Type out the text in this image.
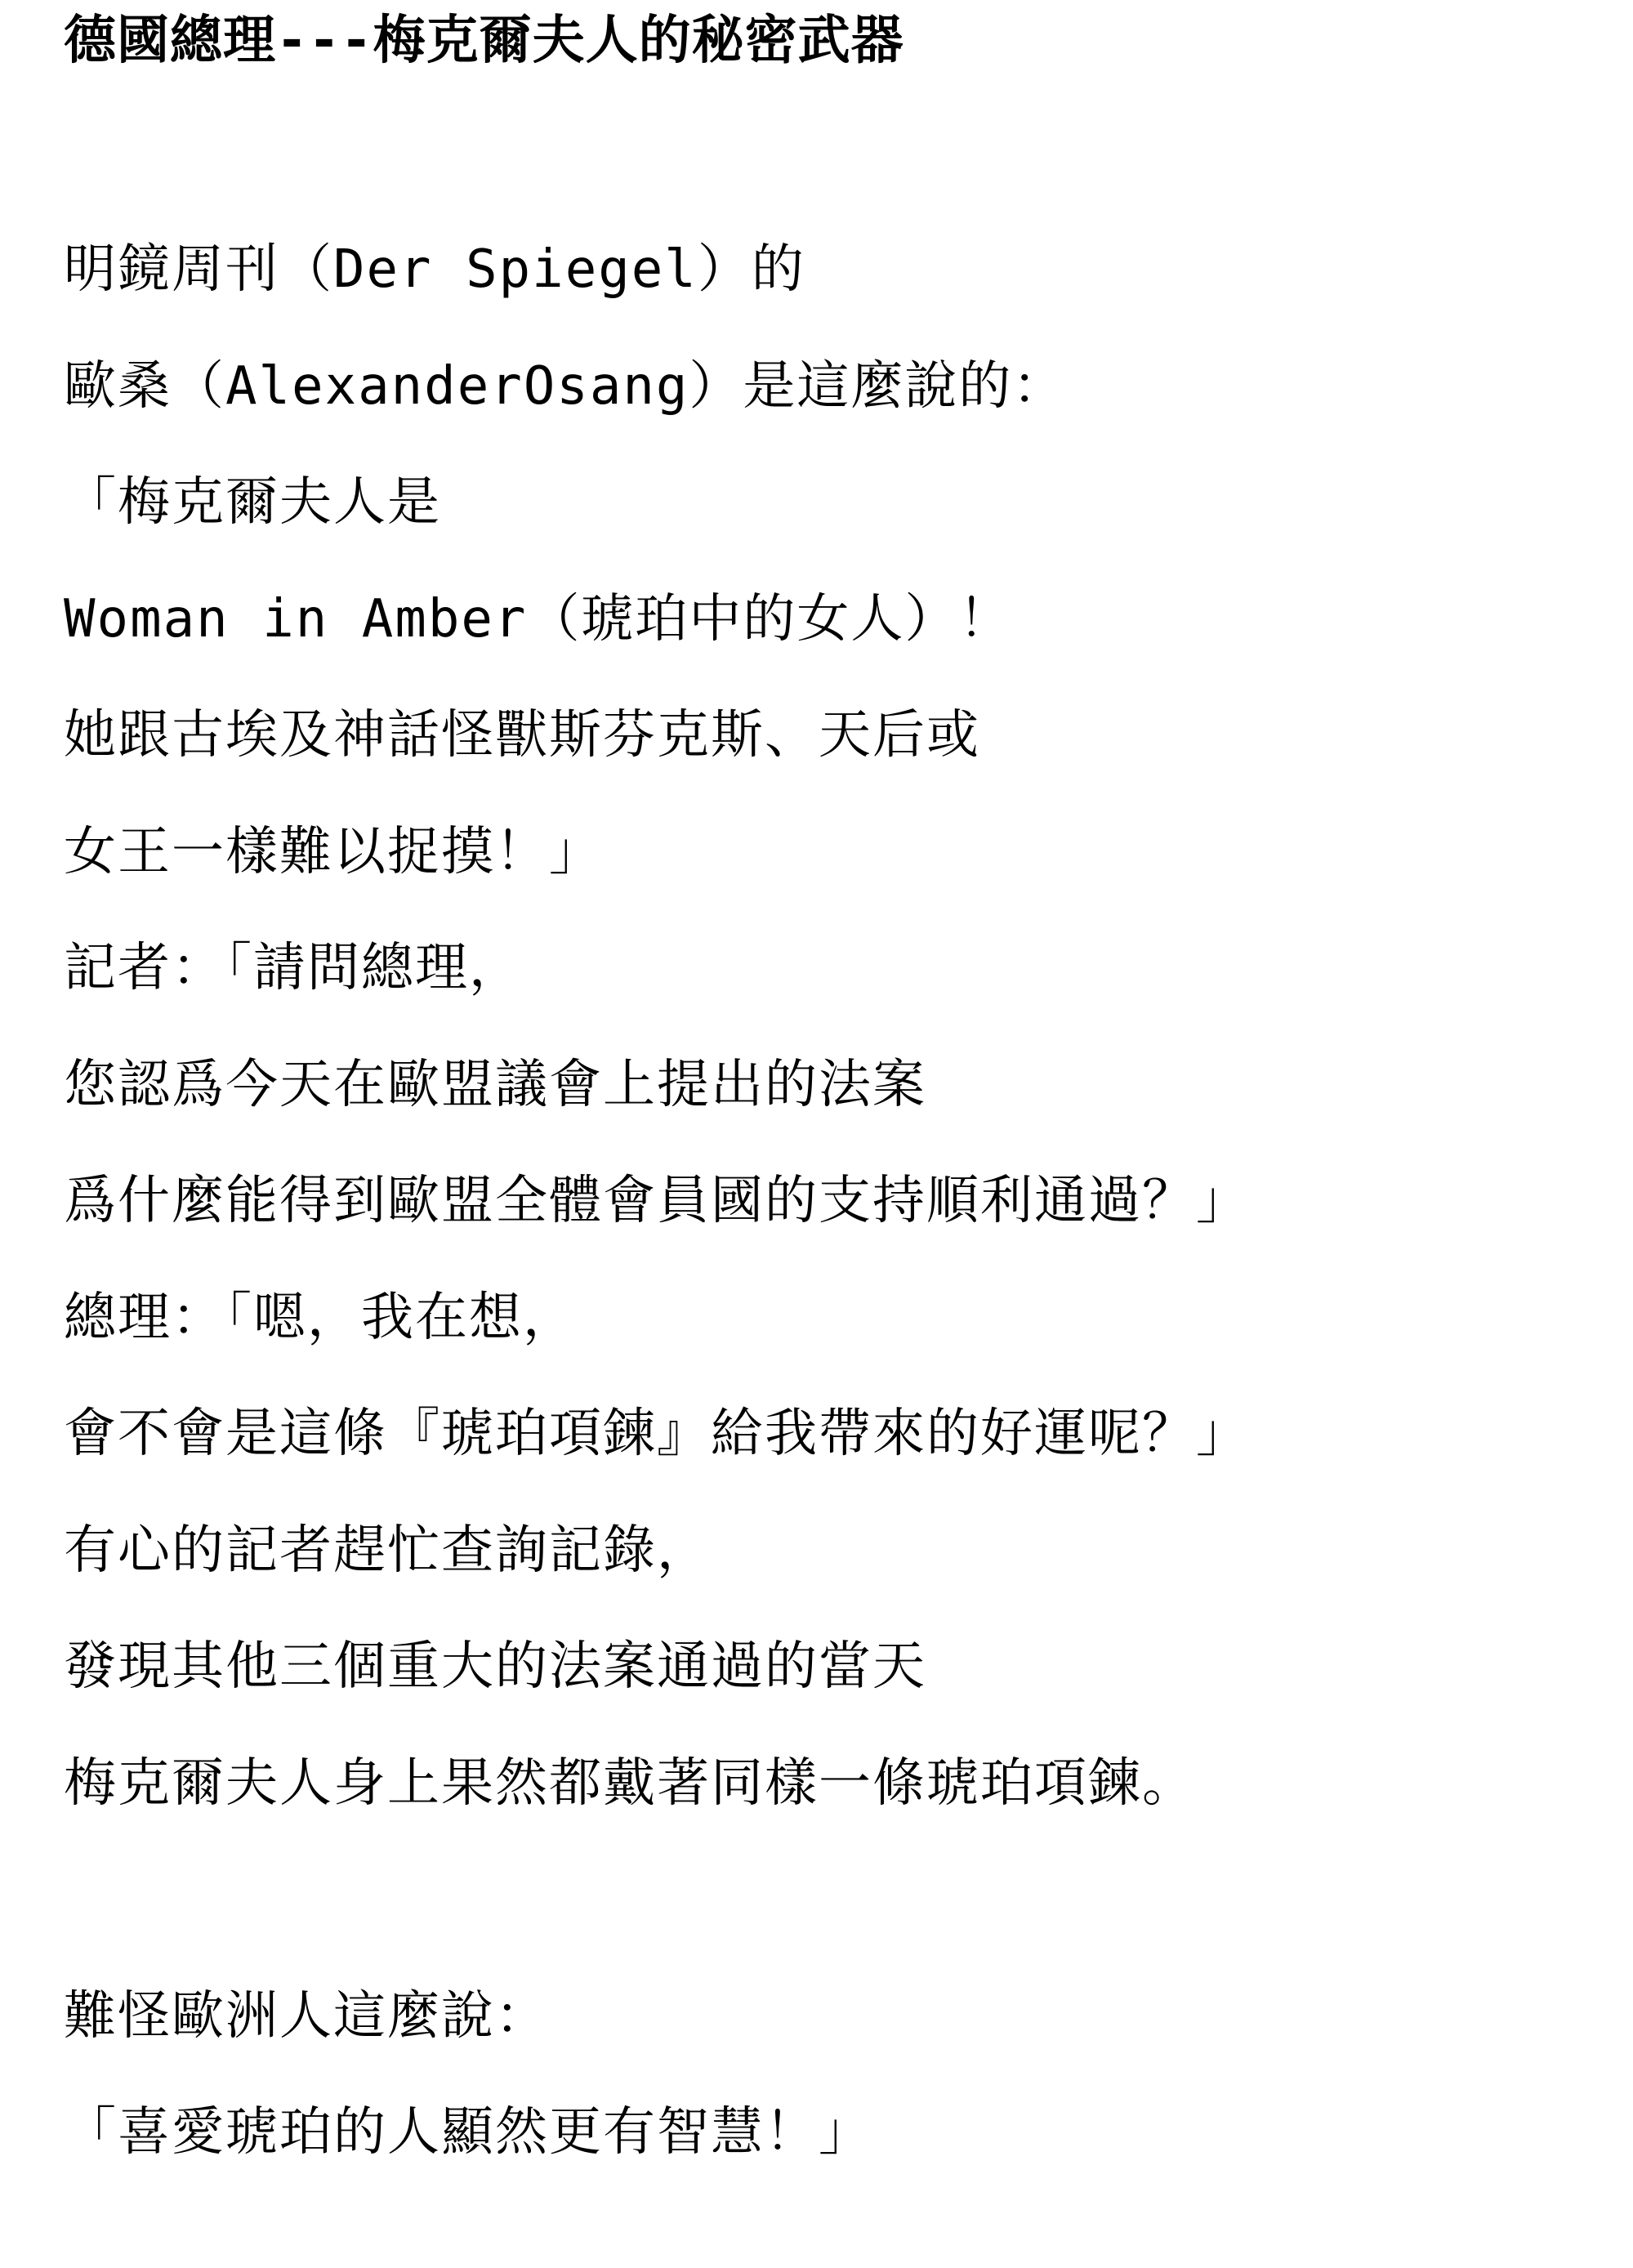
德國總理---梅克爾夫人的秘密武器
明鏡周刊（Der Spiegel）的
歐桑（AlexanderOsang）是這麼說的：
「梅克爾夫人是
Woman in Amber（琥珀中的女人）！
她跟古埃及神話怪獸斯芬克斯、天后或
女王一樣難以捉摸！」
記者：「請問總理，
您認爲今天在歐盟議會上提出的法案
爲什麼能得到歐盟全體會員國的支持順利通過？」
總理：「嗯，我在想，
會不會是這條『琥珀項鍊』給我帶來的好運呢？」
有心的記者趕忙查詢記錄，
發現其他三個重大的法案通過的當天
梅克爾夫人身上果然都戴著同樣一條琥珀項鍊。
難怪歐洲人這麼說：
「喜愛琥珀的人顯然更有智慧！」
